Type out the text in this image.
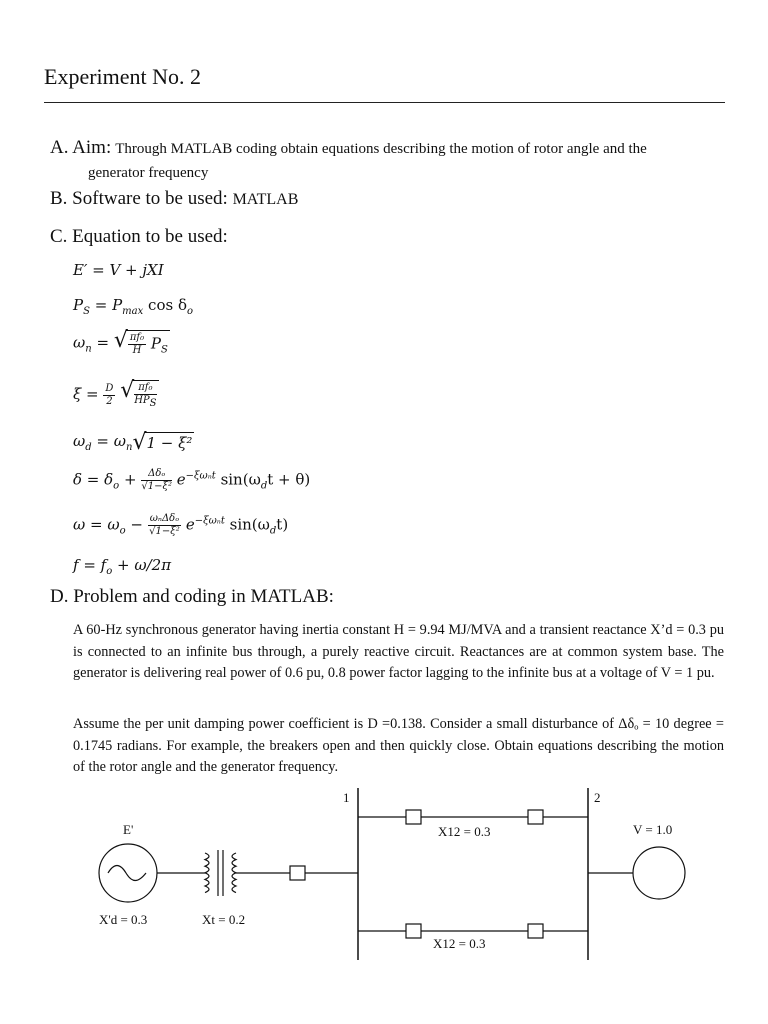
Experiment No. 2
A. Aim: Through MATLAB coding obtain equations describing the motion of rotor angle and the
generator frequency
B. Software to be used: MATLAB
C. Equation to be used:
E′ = V + jXI
$P_S = P_{max}$ $\cos \delta_o$
$\omega_n$ =
√ $\frac{\text{πf₀}}{H} P_S$
$\xi = \frac{D}{2}$

√ $\frac{\text{πf₀}}{HP_S}$
$\omega_d = \omega_n√$ 1 − ξ²
$\delta = \delta_o + \frac{\text{Δδₒ}}{\text{√1−ξ²}} e^{-\xi\omega_nt}$ $\sin(\omega_dt + \theta)$
$\omega = \omega_o - \frac{\text{ωₙΔδₒ}}{\text{√1−ξ²}} e^{-\xi\omega_nt}$ $\sin(\omega_dt)$
$f = f_o + \omega/2\pi$
D. Problem and coding in MATLAB:
A 60-Hz synchronous generator having inertia constant H = 9.94 MJ/MVA and a transient reactance X’d = 0.3 pu is connected to an infinite bus through, a purely reactive circuit. Reactances are at common system base. The generator is delivering real power of 0.6 pu, 0.8 power factor lagging to the infinite bus at a voltage of V = 1 pu.
Assume the per unit damping power coefficient is D =0.138. Consider a small disturbance of Δδₒ = 10 degree = 0.1745 radians. For example, the breakers open and then quickly close. Obtain equations describing the motion of the rotor angle and the generator frequency.
1	2
E'
X'd = 0.3	Xt = 0.2
X12 = 0.3
X12 = 0.3
V = 1.0
